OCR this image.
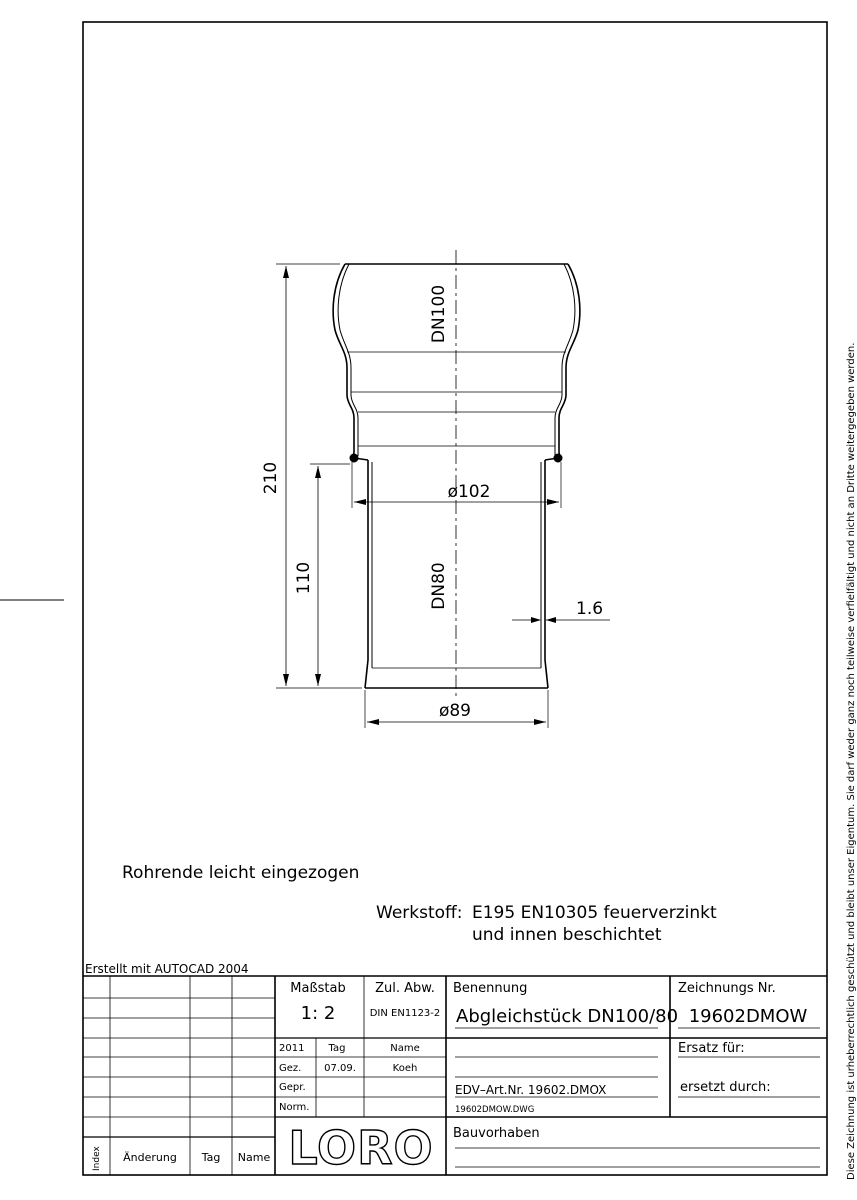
210
110
DN100
DN80
ø102
ø89
1.6
Rohrende leicht eingezogen
Werkstoff: E195 EN10305 feuerverzinkt
und innen beschichtet
Erstellt mit AUTOCAD 2004
Maßstab
1: 2
Zul. Abw.
DIN EN1123-2
Benennung
Abgleichstück DN100/80
Zeichnungs Nr.
19602DMOW
2011 Tag	Name
Gez. 07.09.	Koeh
Gepr.
Norm.
Ersatz für:
ersetzt durch:
EDV–Art.Nr. 19602.DMOX
19602DMOW.DWG
Bauvorhaben
Index Änderung Tag Name LORO	Diese Zeichnung ist urheberrechtlich geschützt und bleibt unser Eigentum. Sie darf weder ganz noch teilweise verfielfältigt und nicht an Dritte weitergegeben werden.
